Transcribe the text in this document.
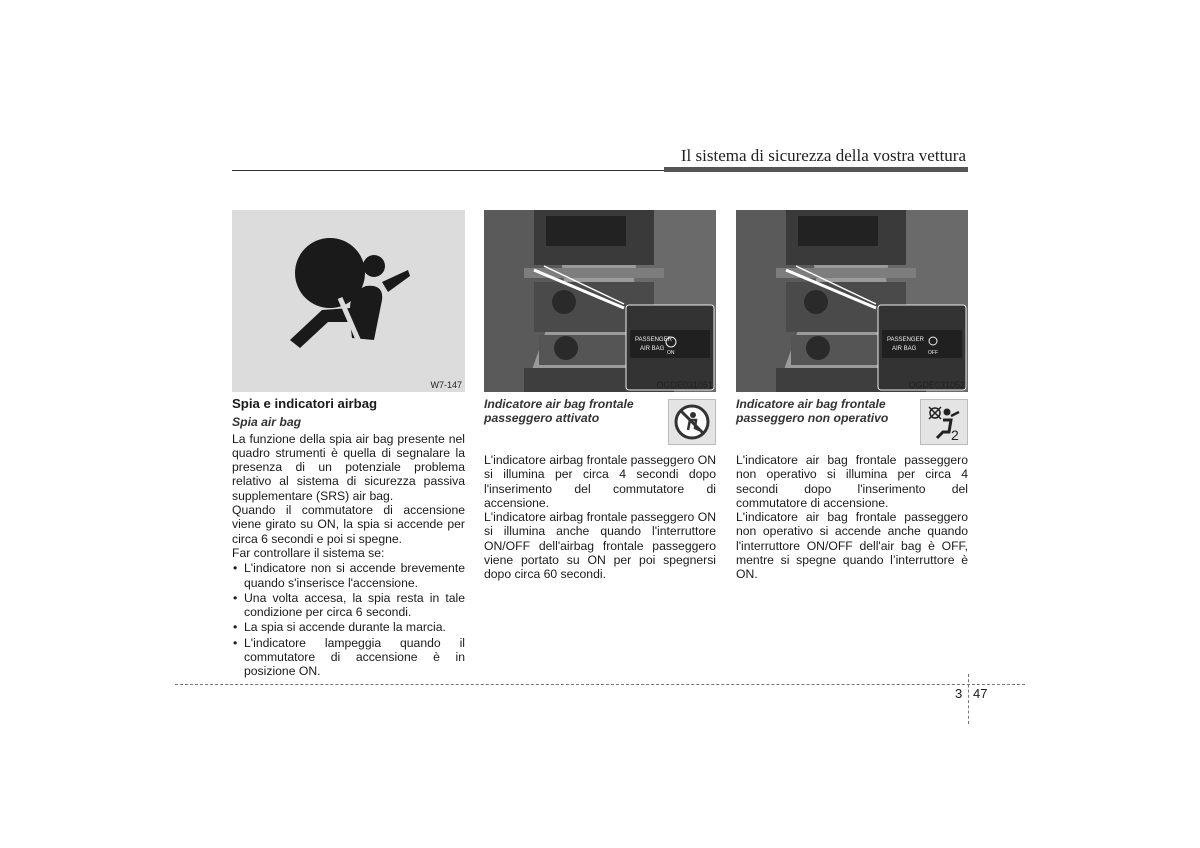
Il sistema di sicurezza della vostra vettura
W7-147
PASSENGER
AIR BAG
ON
OGDE031051
PASSENGER
AIR BAG
OFF
OGDE031052
Spia e indicatori airbag
Spia air bag

La funzione della spia air bag presente nel quadro strumenti è quella di segnalare la presenza di un potenziale problema relativo al sistema di sicurezza passiva supplementare (SRS) air bag.

Quando il commutatore di accensione viene girato su ON, la spia si accende per circa 6 secondi e poi si spegne.

Far controllare il sistema se:

• L'indicatore non si accende brevemente quando s'inserisce l'accensione.
• Una volta accesa, la spia resta in tale condizione per circa 6 secondi.
• La spia si accende durante la marcia.
• L'indicatore lampeggia quando il commutatore di accensione è in posizione ON.
Indicatore air bag frontale passeggero attivato

L'indicatore airbag frontale passeggero ON si illumina per circa 4 secondi dopo l'inserimento del commutatore di accensione.

L'indicatore airbag frontale passeggero ON si illumina anche quando l'interruttore ON/OFF dell'airbag frontale passeggero viene portato su ON per poi spegnersi dopo circa 60 secondi.

Indicatore air bag frontale passeggero non operativo

L'indicatore air bag frontale passeggero non operativo si illumina per circa 4 secondi dopo l'inserimento del commutatore di accensione.

L'indicatore air bag frontale passeggero non operativo si accende anche quando l'interruttore ON/OFF dell'air bag è OFF, mentre si spegne quando l’interruttore è ON.

2
3 47
